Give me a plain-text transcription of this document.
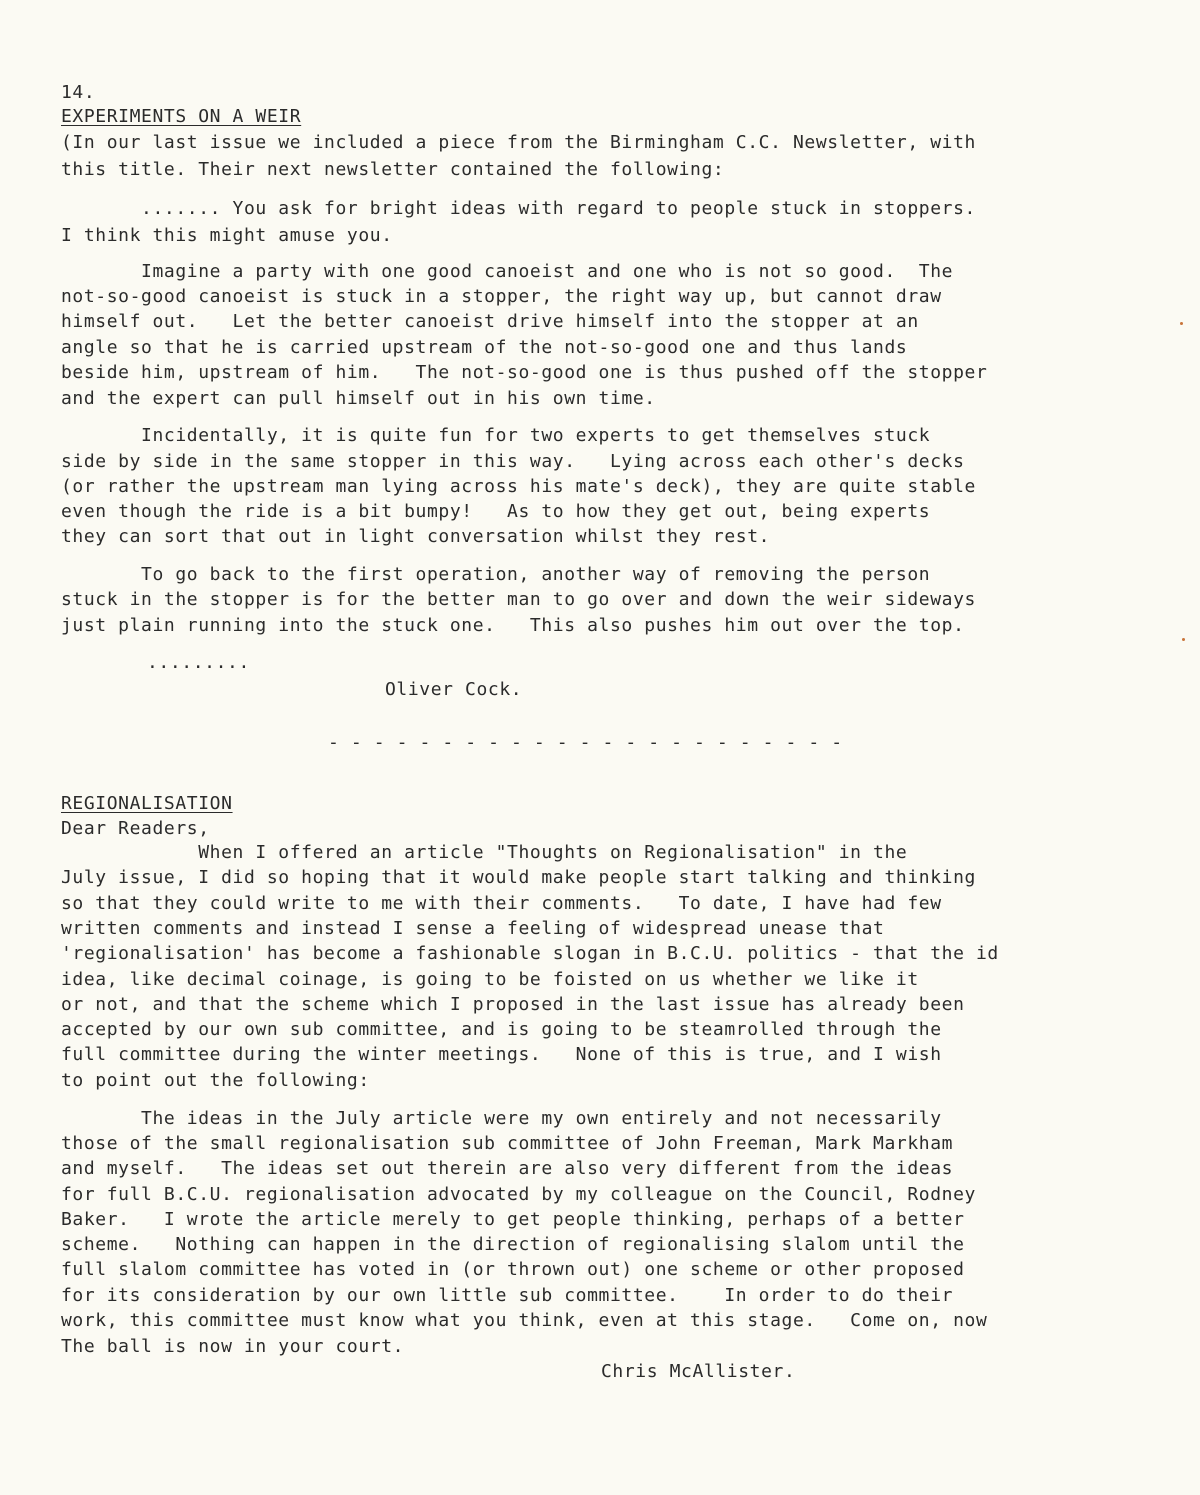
14.
EXPERIMENTS ON A WEIR
(In our last issue we included a piece from the Birmingham C.C. Newsletter, with
this title. Their next newsletter contained the following:
....... You ask for bright ideas with regard to people stuck in stoppers.
I think this might amuse you.
Imagine a party with one good canoeist and one who is not so good.  The
not-so-good canoeist is stuck in a stopper, the right way up, but cannot draw
himself out.   Let the better canoeist drive himself into the stopper at an
angle so that he is carried upstream of the not-so-good one and thus lands
beside him, upstream of him.   The not-so-good one is thus pushed off the stopper
and the expert can pull himself out in his own time.
Incidentally, it is quite fun for two experts to get themselves stuck
side by side in the same stopper in this way.   Lying across each other's decks
(or rather the upstream man lying across his mate's deck), they are quite stable
even though the ride is a bit bumpy!   As to how they get out, being experts
they can sort that out in light conversation whilst they rest.
To go back to the first operation, another way of removing the person
stuck in the stopper is for the better man to go over and down the weir sideways
just plain running into the stuck one.   This also pushes him out over the top.
.........
Oliver Cock.
- - - - - - - - - - - - - - - - - - - - - - -
REGIONALISATION
Dear Readers,
When I offered an article "Thoughts on Regionalisation" in the
July issue, I did so hoping that it would make people start talking and thinking
so that they could write to me with their comments.   To date, I have had few
written comments and instead I sense a feeling of widespread unease that
'regionalisation' has become a fashionable slogan in B.C.U. politics - that the id
idea, like decimal coinage, is going to be foisted on us whether we like it
or not, and that the scheme which I proposed in the last issue has already been
accepted by our own sub committee, and is going to be steamrolled through the
full committee during the winter meetings.   None of this is true, and I wish
to point out the following:
The ideas in the July article were my own entirely and not necessarily
those of the small regionalisation sub committee of John Freeman, Mark Markham
and myself.   The ideas set out therein are also very different from the ideas
for full B.C.U. regionalisation advocated by my colleague on the Council, Rodney
Baker.   I wrote the article merely to get people thinking, perhaps of a better
scheme.   Nothing can happen in the direction of regionalising slalom until the
full slalom committee has voted in (or thrown out) one scheme or other proposed
for its consideration by our own little sub committee.    In order to do their
work, this committee must know what you think, even at this stage.   Come on, now
The ball is now in your court.
Chris McAllister.
